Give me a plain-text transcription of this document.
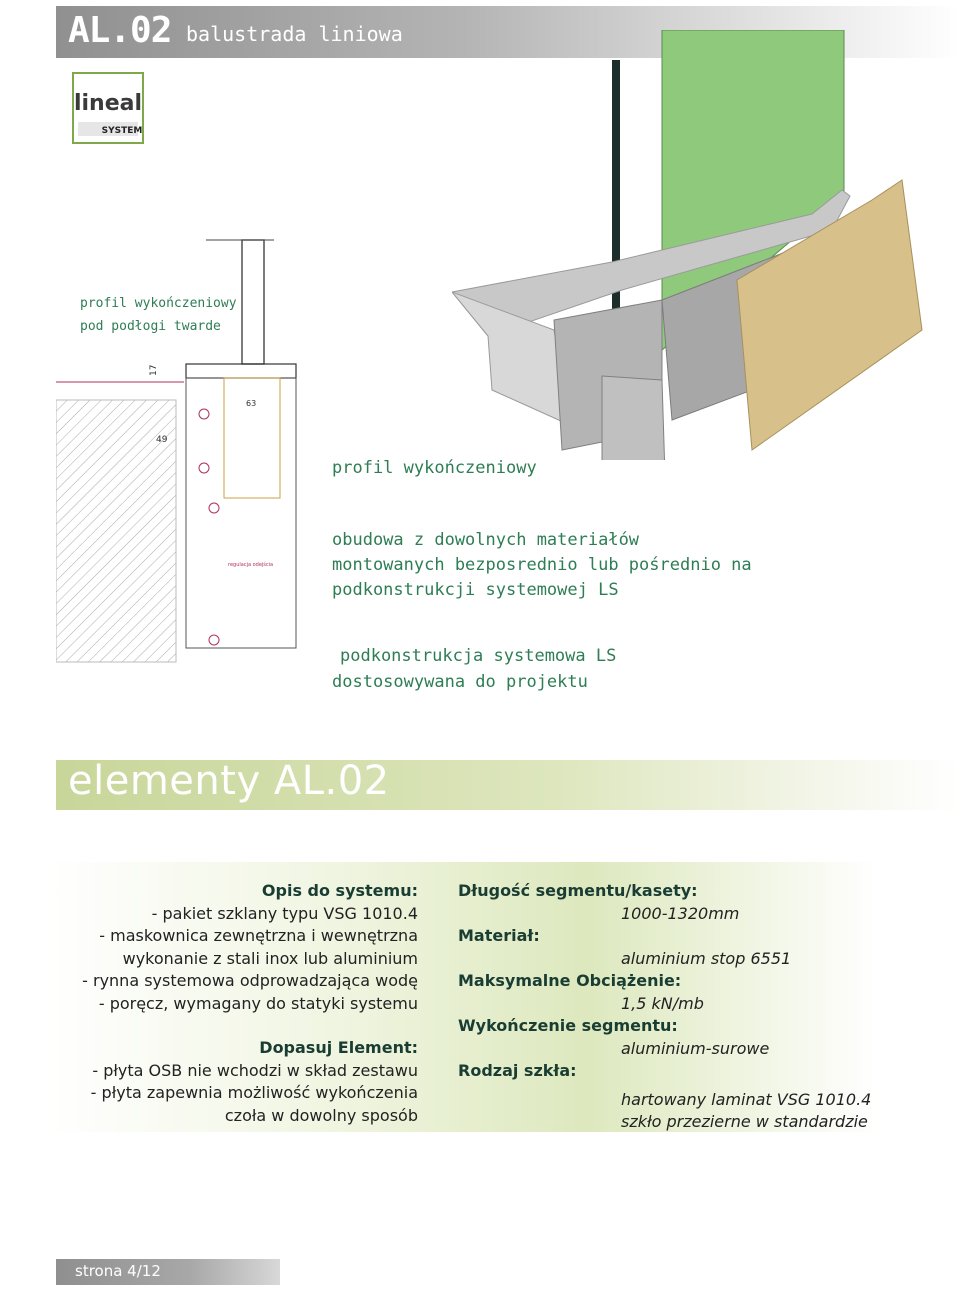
AL.02 balustrada liniowa
lineal
SYSTEM
17
63
49
regulacja odejścia
profil wykończeniowy
pod podłogi twarde
profil wykończeniowy
obudowa z dowolnych materiałów
montowanych bezposrednio lub pośrednio na
podkonstrukcji systemowej LS
podkonstrukcja systemowa LS
dostosowywana do projektu
elementy AL.02
Opis do systemu:
- pakiet szklany typu VSG 1010.4
- maskownica zewnętrzna i wewnętrzna
wykonanie z stali inox lub aluminium
- rynna systemowa odprowadzająca wodę
- poręcz, wymagany do statyki systemu
Dopasuj Element:
- płyta OSB nie wchodzi w skład zestawu
- płyta zapewnia możliwość wykończenia
czoła w dowolny sposób
Długość segmentu/kasety:
1000-1320mm
Materiał:
aluminium stop 6551
Maksymalne Obciążenie:
1,5 kN/mb
Wykończenie segmentu:
aluminium-surowe
Rodzaj szkła:
hartowany laminat VSG 1010.4
szkło przezierne w standardzie
strona 4/12
